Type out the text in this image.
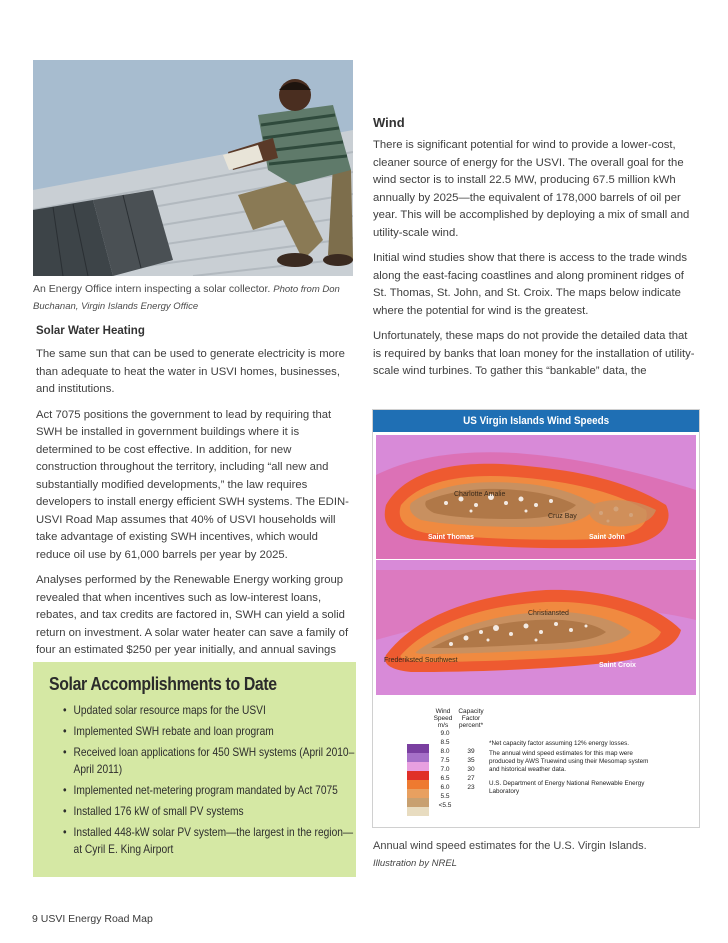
An Energy Office intern inspecting a solar collector. Photo from Don Buchanan, Virgin Islands Energy Office
Solar Water Heating

The same sun that can be used to generate electricity is more than adequate to heat the water in USVI homes, businesses, and institutions.

Act 7075 positions the government to lead by requiring that SWH be installed in government buildings where it is determined to be cost effective. In addition, for new construction throughout the territory, including “all new and substantially modified developments,” the law requires developers to install energy efficient SWH systems. The EDIN-USVI Road Map assumes that 40% of USVI households will take advantage of existing SWH incentives, which would reduce oil use by 61,000 barrels per year by 2025.

Analyses performed by the Renewable Energy working group revealed that when incentives such as low-interest loans, rebates, and tax credits are factored in, SWH can yield a solid return on investment. A solar water heater can save a family of four an estimated $250 per year initially, and annual savings

Solar Accomplishments to Date
• Updated solar resource maps for the USVI
• Implemented SWH rebate and loan program
• Received loan applications for 450 SWH systems (April 2010–April 2011)
• Implemented net-metering program mandated by Act 7075
• Installed 176 kW of small PV systems
• Installed 448-kW solar PV system—the largest in the region—at Cyril E. King Airport
9 USVI Energy Road Map
Wind

There is significant potential for wind to provide a lower-cost, cleaner source of energy for the USVI. The overall goal for the wind sector is to install 22.5 MW, producing 67.5 million kWh annually by 2025—the equivalent of 178,000 barrels of oil per year. This will be accomplished by deploying a mix of small and utility-scale wind.

Initial wind studies show that there is access to the trade winds along the east-facing coastlines and along prominent ridges of St. Thomas, St. John, and St. Croix. The maps below indicate where the potential for wind is the greatest.

Unfortunately, these maps do not provide the detailed data that is required by banks that loan money for the installation of utility-scale wind turbines. To gather this “bankable” data, the

US Virgin Islands Wind Speeds
Charlotte Amalie
Cruz Bay
Saint Thomas	Saint John
Christiansted
Frederiksted Southwest
Saint Croix
Wind Speed m/s
Capacity Factor percent*
9.0
8.5
8.0
7.5
7.0
6.5
6.0
5.5
<5.5
39
35
30
27
23
*Net capacity factor assuming 12% energy losses.
The annual wind speed estimates for this map were produced by AWS Truewind using their Mesomap system and historical weather data.
U.S. Department of Energy National Renewable Energy Laboratory
Annual wind speed estimates for the U.S. Virgin Islands.
Illustration by NREL
